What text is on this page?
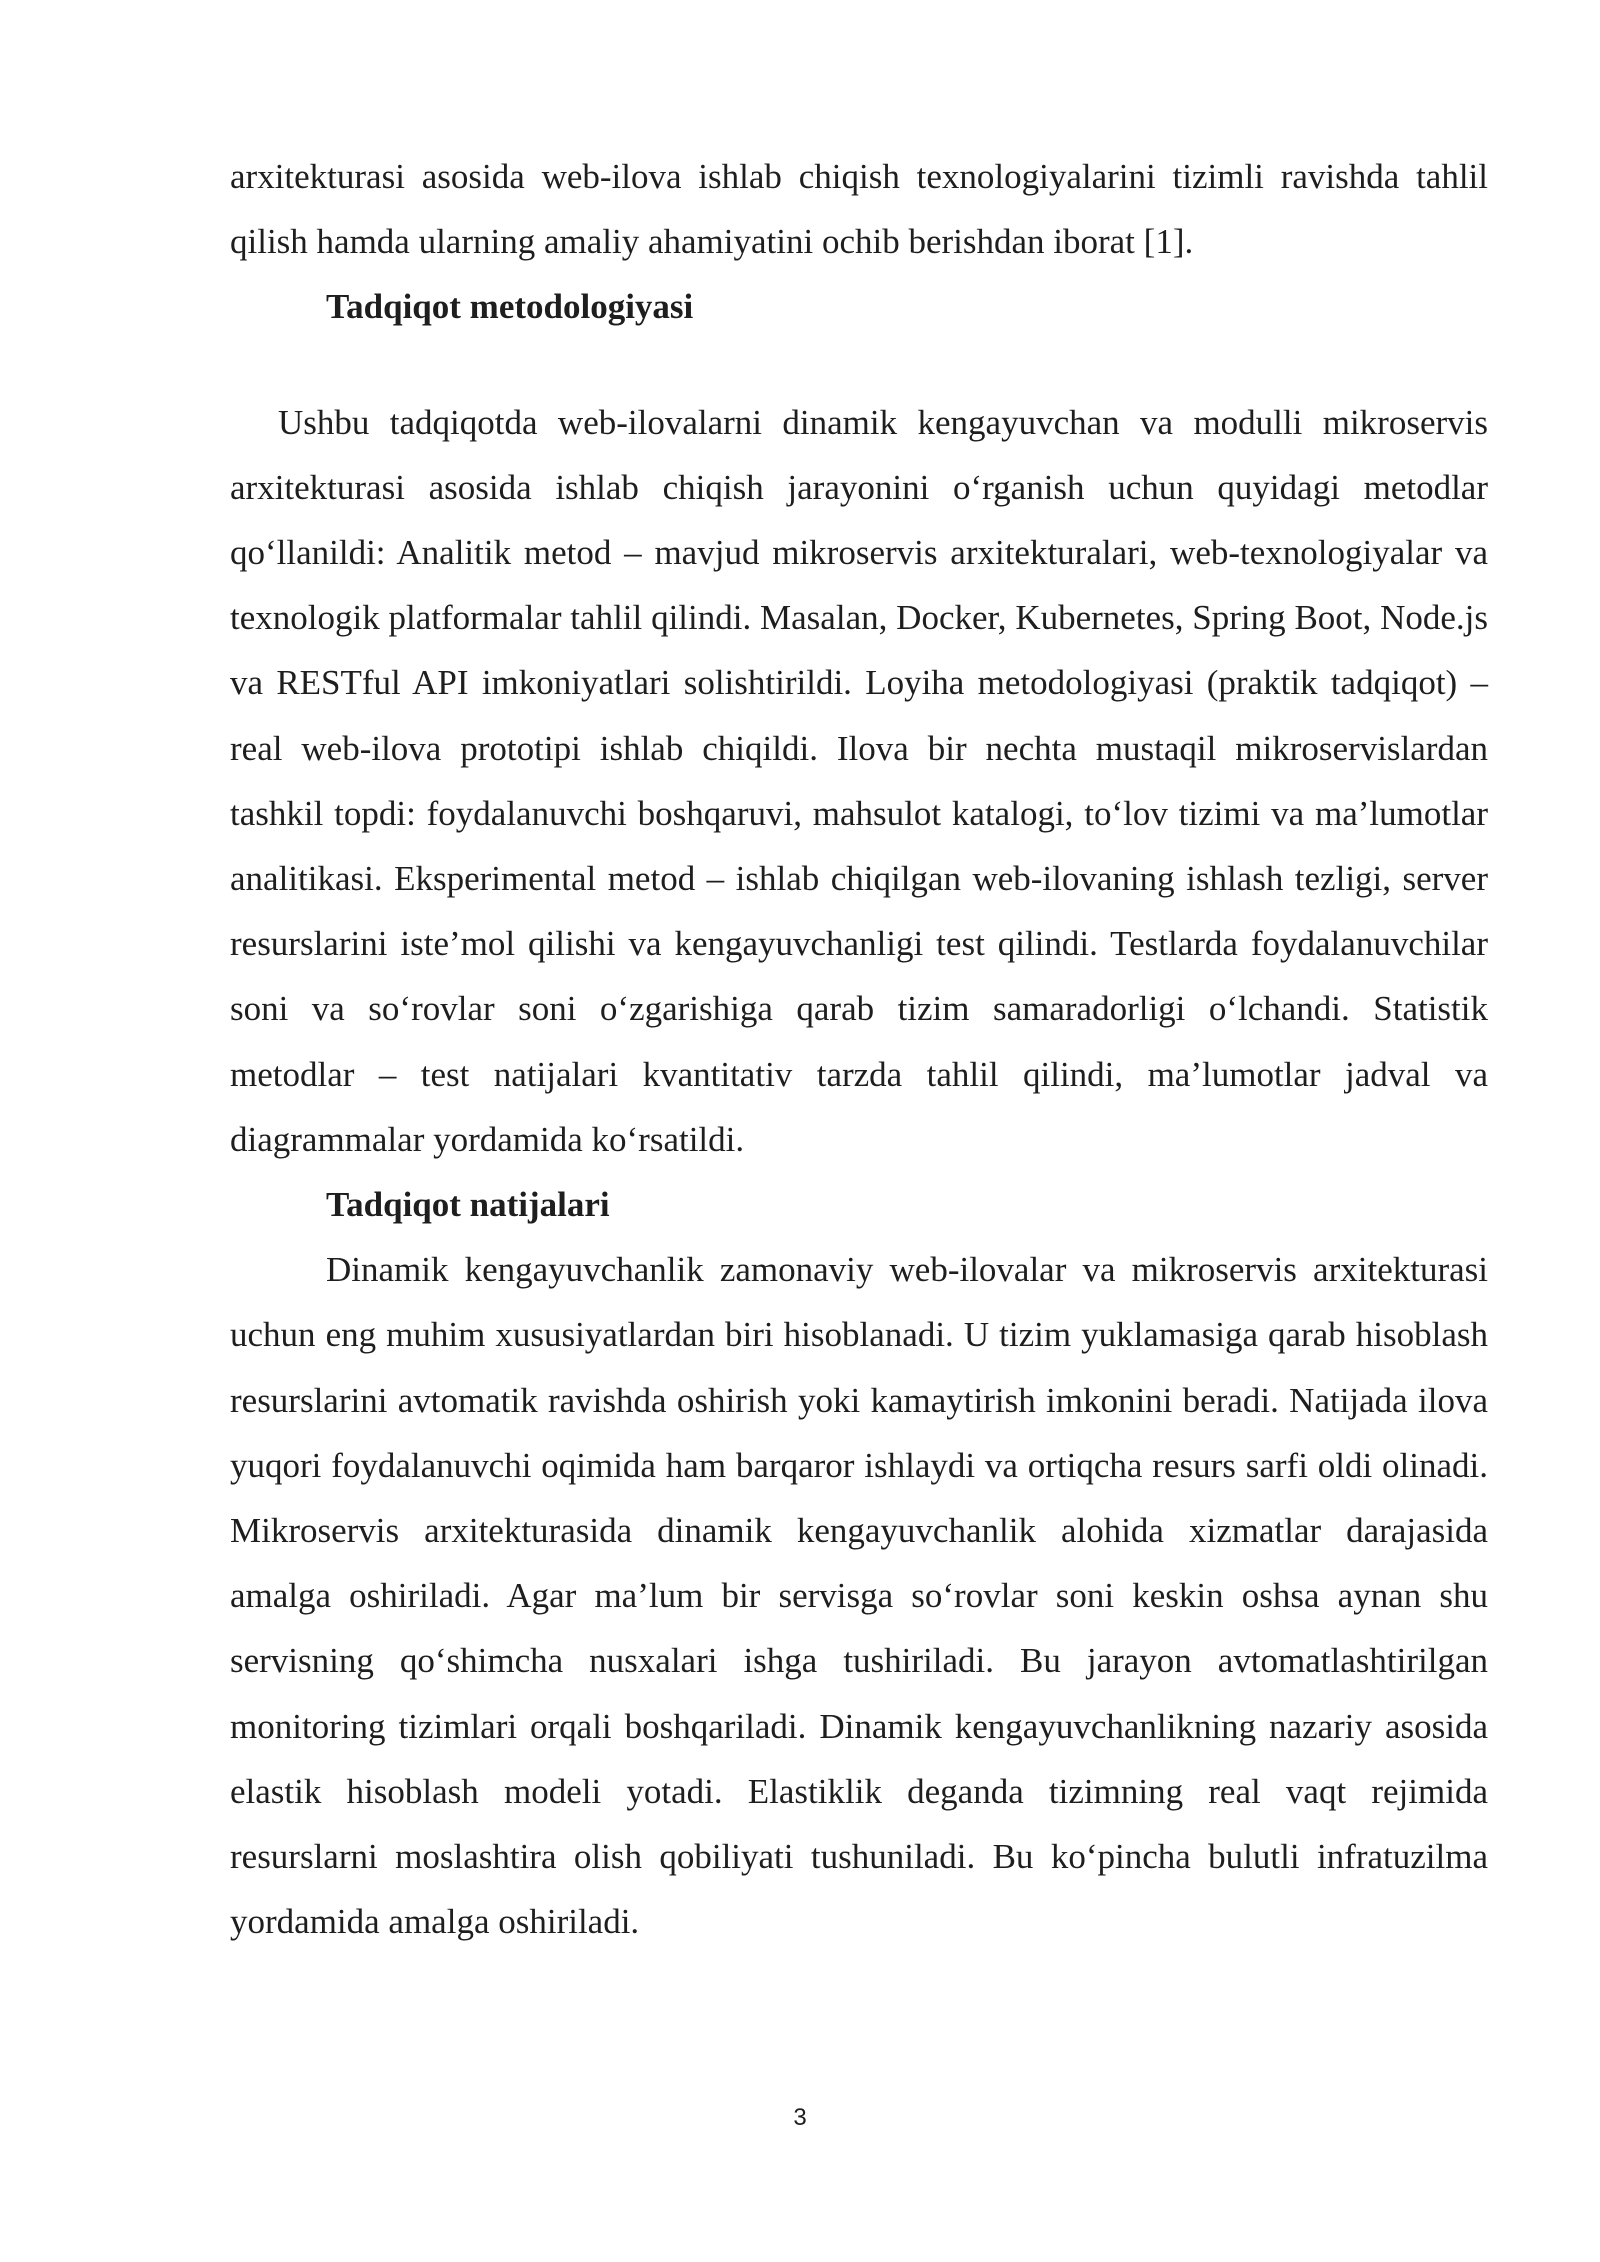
arxitekturasi asosida web-ilova ishlab chiqish texnologiyalarini tizimli ravishda tahlil qilish hamda ularning amaliy ahamiyatini ochib berishdan iborat [1].

Tadqiqot metodologiyasi

Ushbu tadqiqotda web-ilovalarni dinamik kengayuvchan va modulli mikroservis arxitekturasi asosida ishlab chiqish jarayonini o‘rganish uchun quyidagi metodlar qo‘llanildi: Analitik metod – mavjud mikroservis arxitekturalari, web-texnologiyalar va texnologik platformalar tahlil qilindi. Masalan, Docker, Kubernetes, Spring Boot, Node.js va RESTful API imkoniyatlari solishtirildi. Loyiha metodologiyasi (praktik tadqiqot) – real web-ilova prototipi ishlab chiqildi. Ilova bir nechta mustaqil mikroservislardan tashkil topdi: foydalanuvchi boshqaruvi, mahsulot katalogi, to‘lov tizimi va ma’lumotlar analitikasi. Eksperimental metod – ishlab chiqilgan web-ilovaning ishlash tezligi, server resurslarini iste’mol qilishi va kengayuvchanligi test qilindi. Testlarda foydalanuvchilar soni va so‘rovlar soni o‘zgarishiga qarab tizim samaradorligi o‘lchandi. Statistik metodlar – test natijalari kvantitativ tarzda tahlil qilindi, ma’lumotlar jadval va diagrammalar yordamida ko‘rsatildi.

Tadqiqot natijalari

Dinamik kengayuvchanlik zamonaviy web-ilovalar va mikroservis arxitekturasi uchun eng muhim xususiyatlardan biri hisoblanadi. U tizim yuklamasiga qarab hisoblash resurslarini avtomatik ravishda oshirish yoki kamaytirish imkonini beradi. Natijada ilova yuqori foydalanuvchi oqimida ham barqaror ishlaydi va ortiqcha resurs sarfi oldi olinadi. Mikroservis arxitekturasida dinamik kengayuvchanlik alohida xizmatlar darajasida amalga oshiriladi. Agar ma’lum bir servisga so‘rovlar soni keskin oshsa aynan shu servisning qo‘shimcha nusxalari ishga tushiriladi. Bu jarayon avtomatlashtirilgan monitoring tizimlari orqali boshqariladi. Dinamik kengayuvchanlikning nazariy asosida elastik hisoblash modeli yotadi. Elastiklik deganda tizimning real vaqt rejimida resurslarni moslashtira olish qobiliyati tushuniladi. Bu ko‘pincha bulutli infratuzilma yordamida amalga oshiriladi.

3
